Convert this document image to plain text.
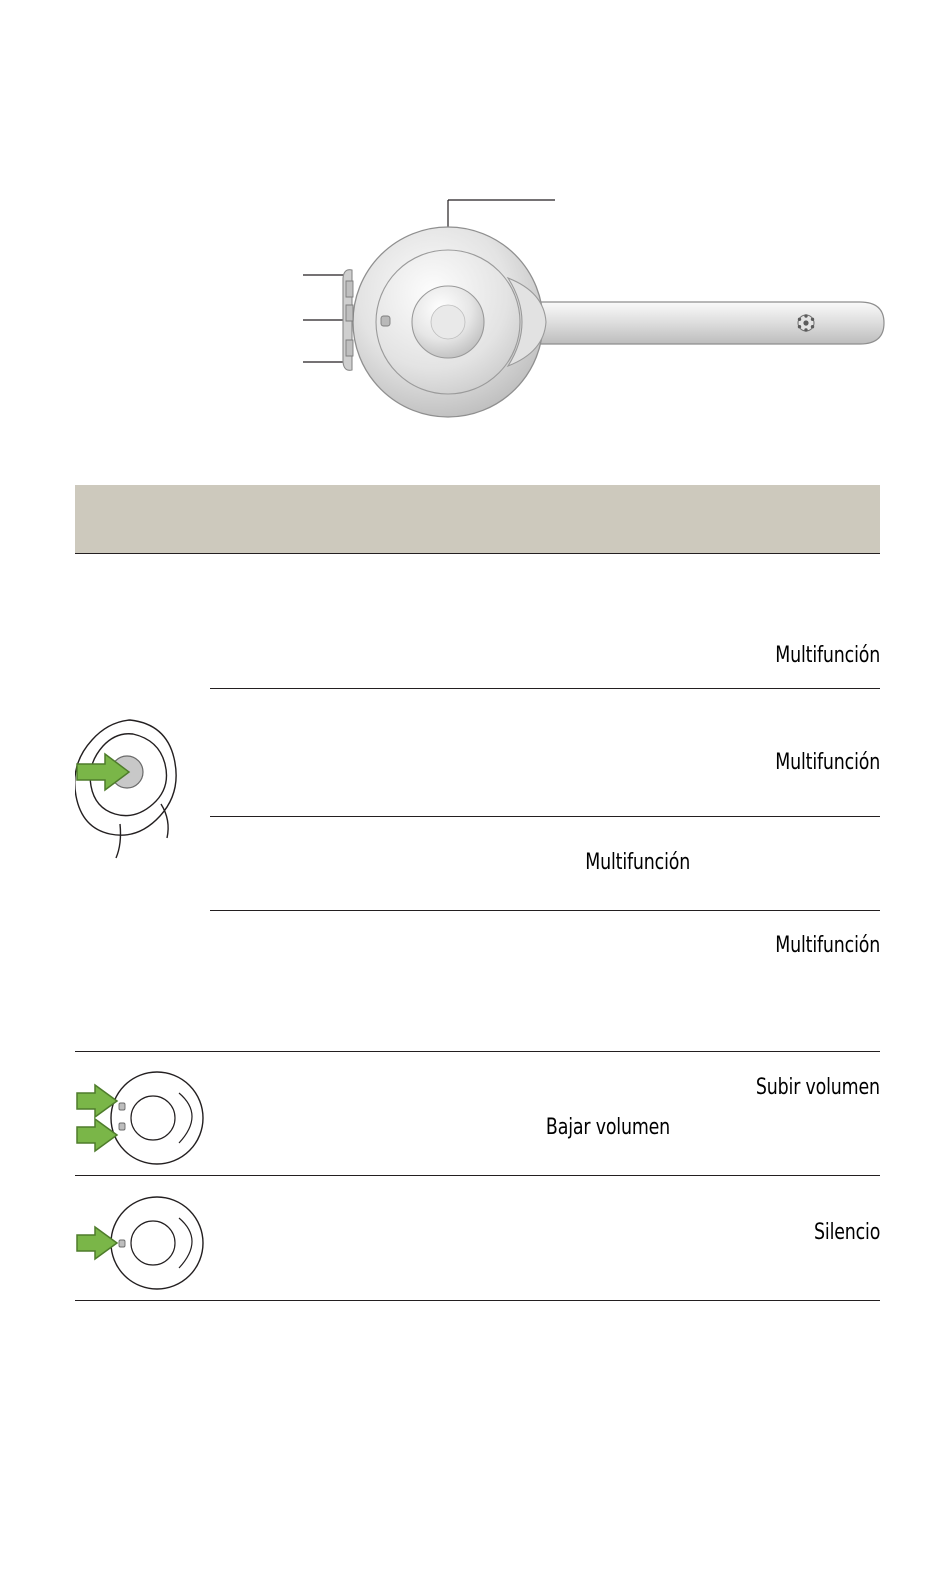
Multifunción
Multifunción
Multifunción
Multifunción
Subir volumen
Bajar volumen
Silencio
